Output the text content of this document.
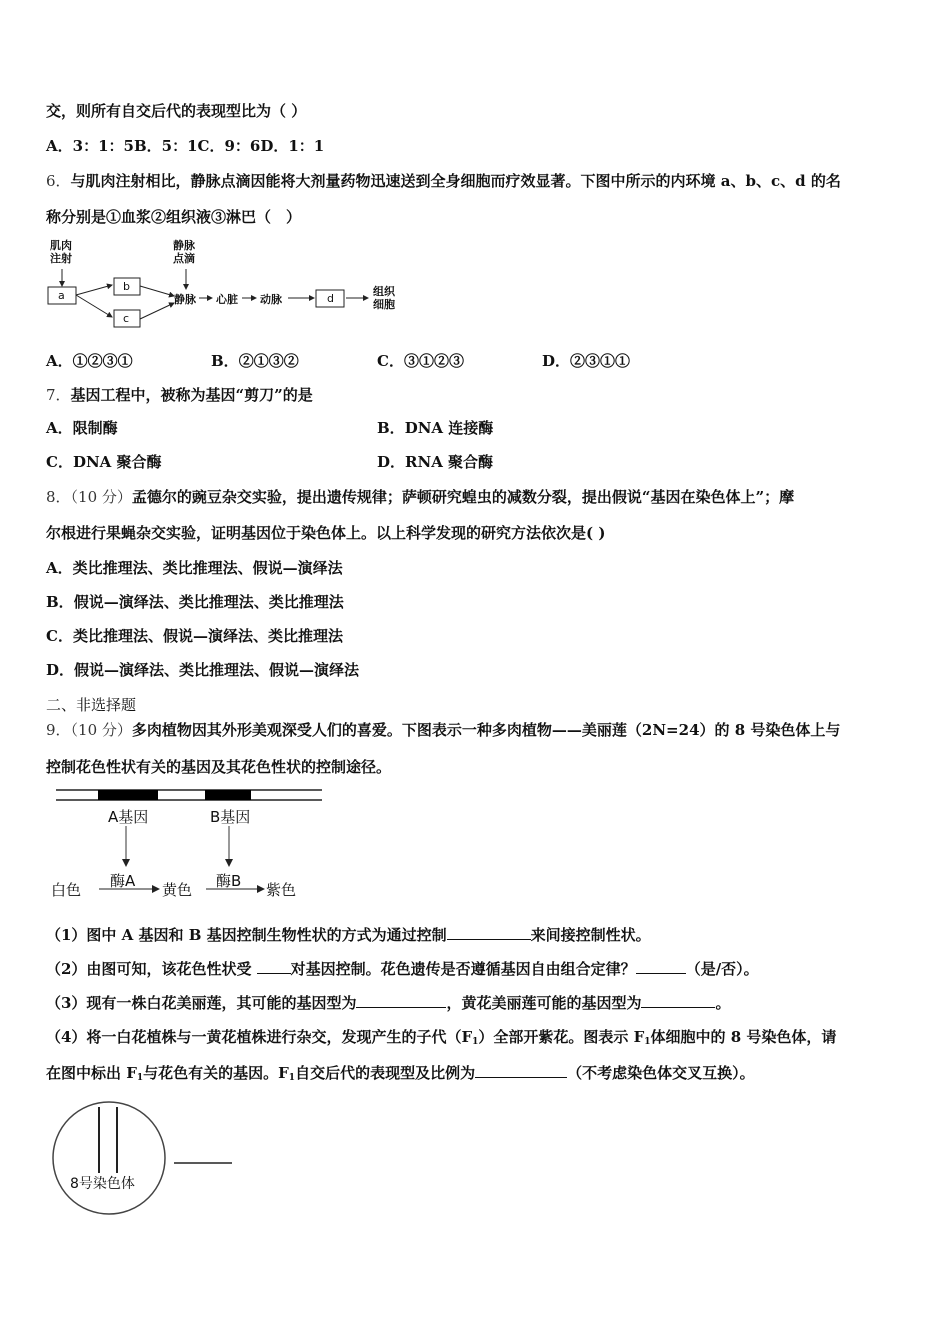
交，则所有自交后代的表现型比为（ ）
A．3：1：5B．5：1C．9：6D．1：1
6．与肌肉注射相比，静脉点滴因能将大剂量药物迅速送到全身细胞而疗效显著。下图中所示的内环境 a、b、c、d 的名
称分别是①血浆②组织液③淋巴（　）
肌肉
注射
静脉
点滴
a
b
c
d
静脉 心脏 动脉
组织
细胞
A．①②③①	B．②①③②	C．③①②③	D．②③①①
7．基因工程中，被称为基因“剪刀”的是
A．限制酶	B．DNA 连接酶
C．DNA 聚合酶	D．RNA 聚合酶
8．（10 分）孟德尔的豌豆杂交实验，提出遗传规律；萨顿研究蝗虫的减数分裂，提出假说“基因在染色体上”；摩
尔根进行果蝇杂交实验，证明基因位于染色体上。以上科学发现的研究方法依次是( )
A．类比推理法、类比推理法、假说—演绎法
B．假说—演绎法、类比推理法、类比推理法
C．类比推理法、假说—演绎法、类比推理法
D．假说—演绎法、类比推理法、假说—演绎法
二、非选择题
9．（10 分）多肉植物因其外形美观深受人们的喜爱。下图表示一种多肉植物——美丽莲（2N=24）的 8 号染色体上与
控制花色性状有关的基因及其花色性状的控制途径。
A基因	B基因
酶A	酶B
白色	黄色	紫色
（1）图中 A 基因和 B 基因控制生物性状的方式为通过控制	来间接控制性状。
（2）由图可知，该花色性状受 对基因控制。花色遗传是否遵循基因自由组合定律？	（是/否）。
（3）现有一株白花美丽莲，其可能的基因型为	，黄花美丽莲可能的基因型为	。
（4）将一白花植株与一黄花植株进行杂交，发现产生的子代$(F_1)$全部开紫花。图表示 $F_1$体细胞中的 8 号染色体，请
在图中标出 $F_1$与花色有关的基因。$F_1$自交后代的表现型及比例为	（不考虑染色体交叉互换）。
8号染色体
